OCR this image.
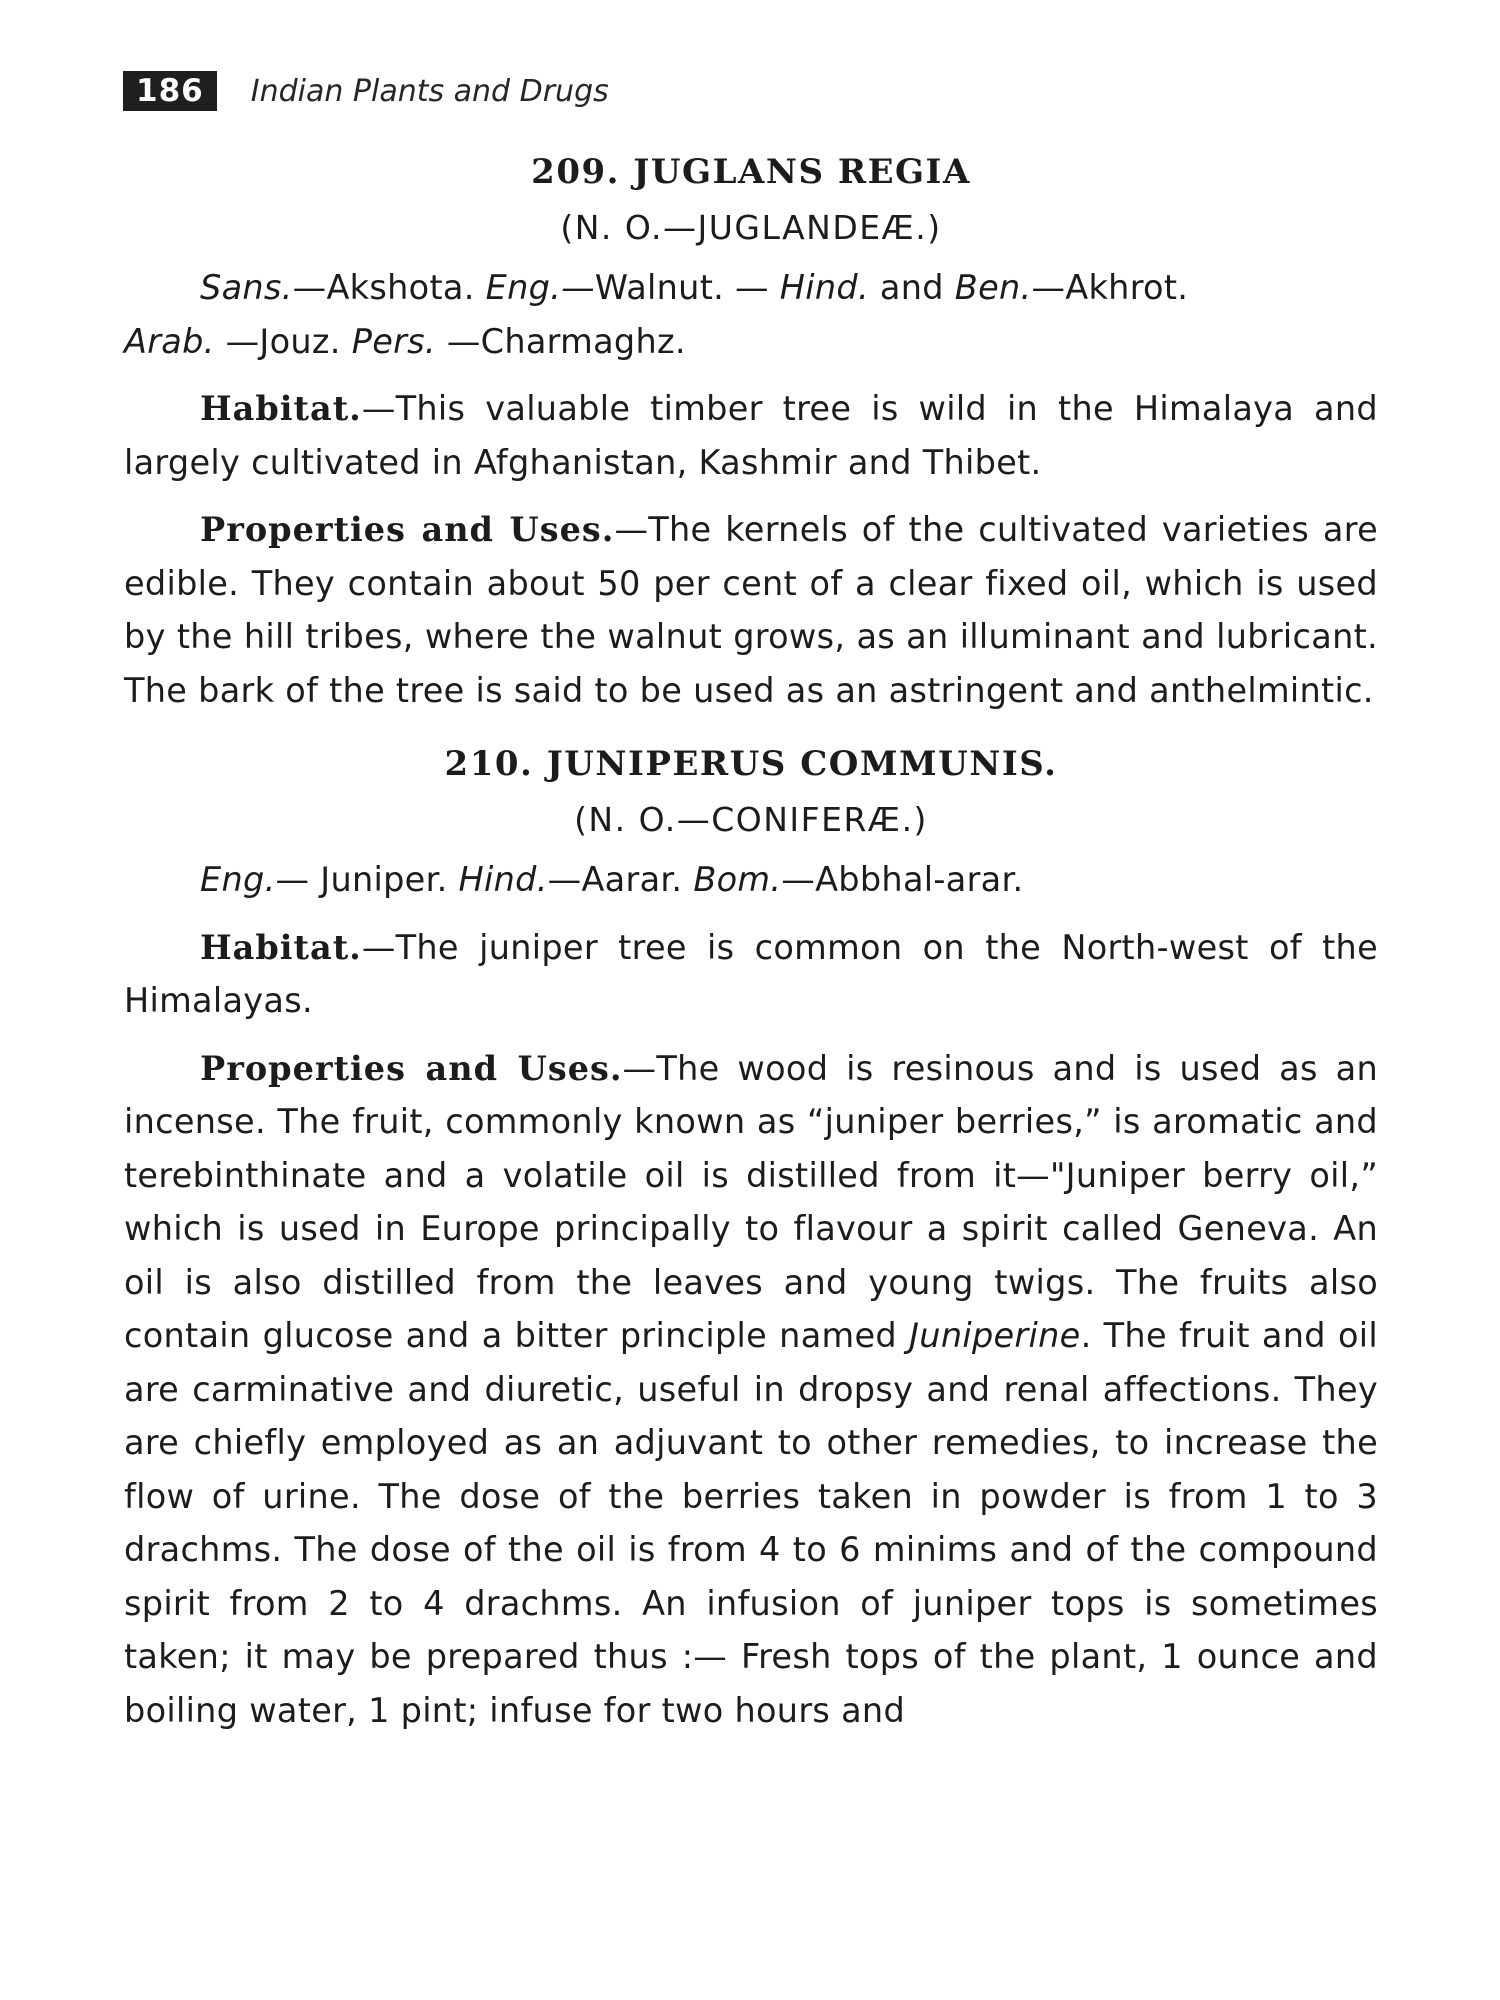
186	Indian Plants and Drugs
209. JUGLANS REGIA
(N. O.—JUGLANDEÆ.)

Sans.—Akshota. Eng.—Walnut. — Hind. and Ben.—Akhrot.
Arab. —Jouz. Pers. —Charmaghz.

Habitat.—This valuable timber tree is wild in the Himalaya and largely cultivated in Afghanistan, Kashmir and Thibet.

Properties and Uses.—The kernels of the cultivated varieties are edible. They contain about 50 per cent of a clear fixed oil, which is used by the hill tribes, where the walnut grows, as an illuminant and lubricant. The bark of the tree is said to be used as an astringent and anthelmintic.

210. JUNIPERUS COMMUNIS.
(N. O.—CONIFERÆ.)

Eng.— Juniper. Hind.—Aarar. Bom.—Abbhal-arar.

Habitat.—The juniper tree is common on the North-west of the Himalayas.

Properties and Uses.—The wood is resinous and is used as an incense. The fruit, commonly known as “juniper berries,” is aromatic and terebinthinate and a volatile oil is distilled from it—"Juniper berry oil,” which is used in Europe principally to flavour a spirit called Geneva. An oil is also distilled from the leaves and young twigs. The fruits also contain glucose and a bitter principle named Juniperine. The fruit and oil are carminative and diuretic, useful in dropsy and renal affections. They are chiefly employed as an adjuvant to other remedies, to increase the flow of urine. The dose of the berries taken in powder is from 1 to 3 drachms. The dose of the oil is from 4 to 6 minims and of the compound spirit from 2 to 4 drachms. An infusion of juniper tops is sometimes taken; it may be prepared thus :— Fresh tops of the plant, 1 ounce and boiling water, 1 pint; infuse for two hours and
